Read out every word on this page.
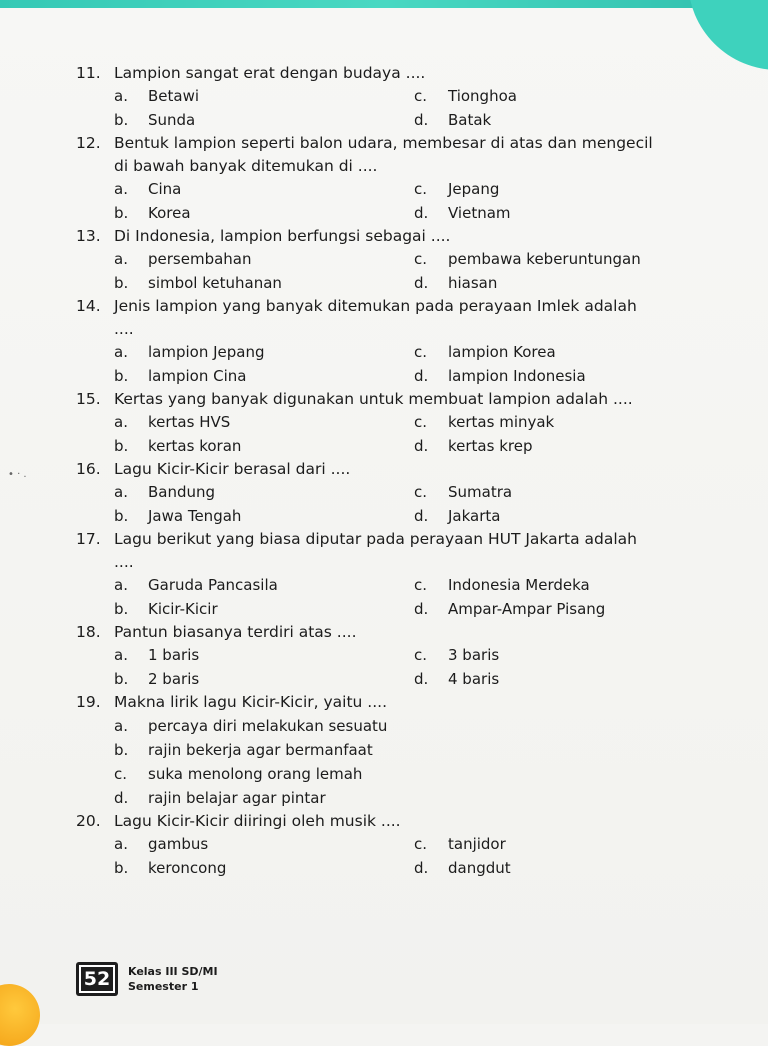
• · .
11. Lampion sangat erat dengan budaya ....
a.	Betawi	c.	Tionghoa
b.	Sunda	d.	Batak
12. Bentuk lampion seperti balon udara, membesar di atas dan mengecil
di bawah banyak ditemukan di ....
a.	Cina	c.	Jepang
b.	Korea	d.	Vietnam
13. Di Indonesia, lampion berfungsi sebagai ....
a.	persembahan	c.	pembawa keberuntungan
b.	simbol ketuhanan	d.	hiasan
14. Jenis lampion yang banyak ditemukan pada perayaan Imlek adalah
....
a.	lampion Jepang	c.	lampion Korea
b.	lampion Cina	d.	lampion Indonesia
15. Kertas yang banyak digunakan untuk membuat lampion adalah ....
a.	kertas HVS	c.	kertas minyak
b.	kertas koran	d.	kertas krep
16. Lagu Kicir-Kicir berasal dari ....
a.	Bandung	c.	Sumatra
b.	Jawa Tengah	d.	Jakarta
17. Lagu berikut yang biasa diputar pada perayaan HUT Jakarta adalah
....
a.	Garuda Pancasila	c.	Indonesia Merdeka
b.	Kicir-Kicir	d.	Ampar-Ampar Pisang
18. Pantun biasanya terdiri atas ....
a.	1 baris	c.	3 baris
b.	2 baris	d.	4 baris
19. Makna lirik lagu Kicir-Kicir, yaitu ....
a.	percaya diri melakukan sesuatu
b.	rajin bekerja agar bermanfaat
c.	suka menolong orang lemah
d.	rajin belajar agar pintar
20. Lagu Kicir-Kicir diiringi oleh musik ....
a.	gambus	c.	tanjidor
b.	keroncong	d.	dangdut
52	Kelas III SD/MI
Semester 1
